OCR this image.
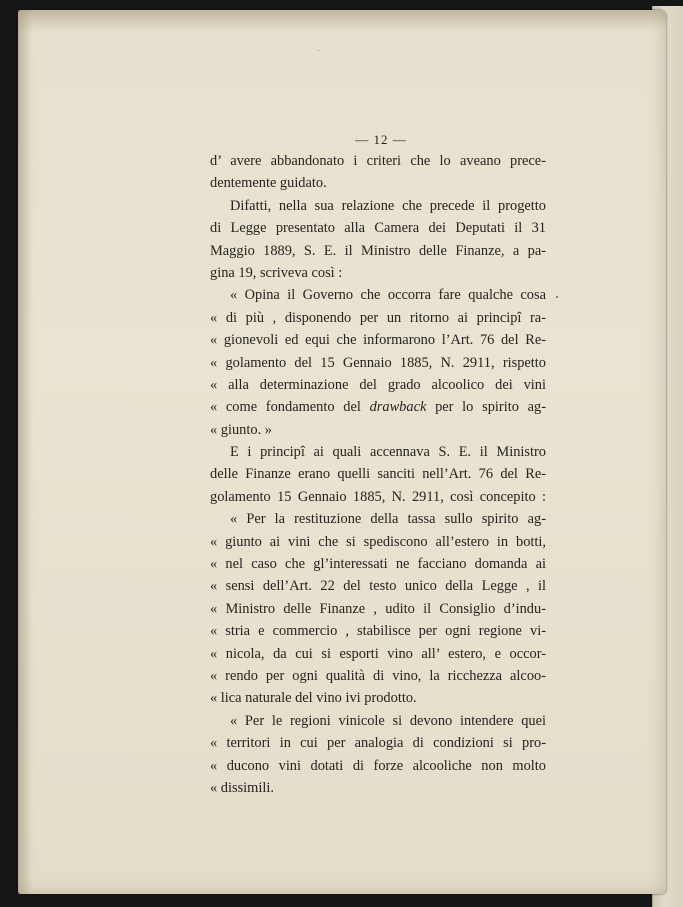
— 12 —
d’ avere abbandonato i criteri che lo aveano prece-
dentemente guidato.
Difatti, nella sua relazione che precede il progetto
di Legge presentato alla Camera dei Deputati il 31
Maggio 1889, S. E. il Ministro delle Finanze, a pa-
gina 19, scriveva così :
« Opina il Governo che occorra fare qualche cosa
« di più , disponendo per un ritorno ai principî ra-
« gionevoli ed equi che informarono l’Art. 76 del Re-
« golamento del 15 Gennaio 1885, N. 2911, rispetto
« alla determinazione del grado alcoolico dei vini
« come fondamento del drawback per lo spirito ag-
« giunto. »
E i principî ai quali accennava S. E. il Ministro
delle Finanze erano quelli sanciti nell’Art. 76 del Re-
golamento 15 Gennaio 1885, N. 2911, così concepito :
« Per la restituzione della tassa sullo spirito ag-
« giunto ai vini che si spediscono all’estero in botti,
« nel caso che gl’interessati ne facciano domanda ai
« sensi dell’Art. 22 del testo unico della Legge , il
« Ministro delle Finanze , udito il Consiglio d’indu-
« stria e commercio , stabilisce per ogni regione vi-
« nicola, da cui si esporti vino all’ estero, e occor-
« rendo per ogni qualità di vino, la ricchezza alcoo-
« lica naturale del vino ivi prodotto.
« Per le regioni vinicole si devono intendere quei
« territori in cui per analogia di condizioni si pro-
« ducono vini dotati di forze alcooliche non molto
« dissimili.
